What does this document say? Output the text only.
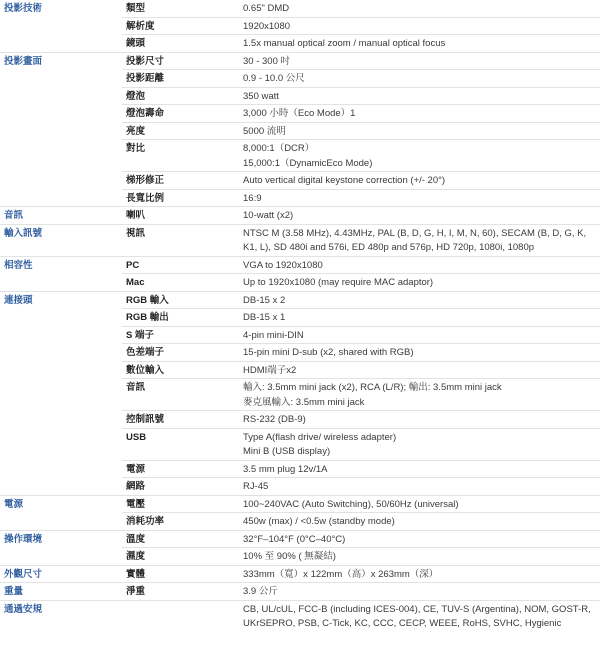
投影技術	類型	0.65" DMD

	解析度	1920x1080

	鏡頭	1.5x manual optical zoom / manual optical focus

投影畫面	投影尺寸	30 - 300 吋

	投影距離	0.9 - 10.0 公尺

	燈泡	350 watt

	燈泡壽命	3,000 小時（Eco Mode）1

	亮度	5000 流明

	對比	8,000:1（DCR）
15,000:1（DynamicEco Mode)

	梯形修正	Auto vertical digital keystone correction (+/- 20°)

	長寬比例	16:9

音訊	喇叭	10-watt (x2)

輸入訊號	視訊	NTSC M (3.58 MHz), 4.43MHz, PAL (B, D, G, H, I, M, N, 60), SECAM (B, D, G, K,
K1, L), SD 480i and 576i, ED 480p and 576p, HD 720p, 1080i, 1080p

相容性	PC	VGA to 1920x1080

	Mac	Up to 1920x1080 (may require MAC adaptor)

連接頭	RGB 輸入	DB-15 x 2

	RGB 輸出	DB-15 x 1

	S 端子	4-pin mini-DIN

	色差端子	15-pin mini D-sub (x2, shared with RGB)

	數位輸入	HDMI端子x2

	音訊	輸入: 3.5mm mini jack (x2), RCA (L/R); 輸出: 3.5mm mini jack
麥克風輸入: 3.5mm mini jack

	控制訊號	RS-232 (DB-9)

	USB	Type A(flash drive/ wireless adapter)
Mini B (USB display)

	電源	3.5 mm plug 12v/1A

	網路	RJ-45

電源	電壓	100~240VAC (Auto Switching), 50/60Hz (universal)

	消耗功率	450w (max) / <0.5w (standby mode)

操作環境	溫度	32°F–104°F (0°C–40°C)

	濕度	10% 至 90% ( 無凝結)

外觀尺寸	實體	333mm（寬）x 122mm（高）x 263mm（深）

重量	淨重	3.9 公斤

通過安規		CB, UL/cUL, FCC-B (including ICES-004), CE, TUV-S (Argentina), NOM, GOST-R,
UKrSEPRO, PSB, C-Tick, KC, CCC, CECP, WEEE, RoHS, SVHC, Hygienic
